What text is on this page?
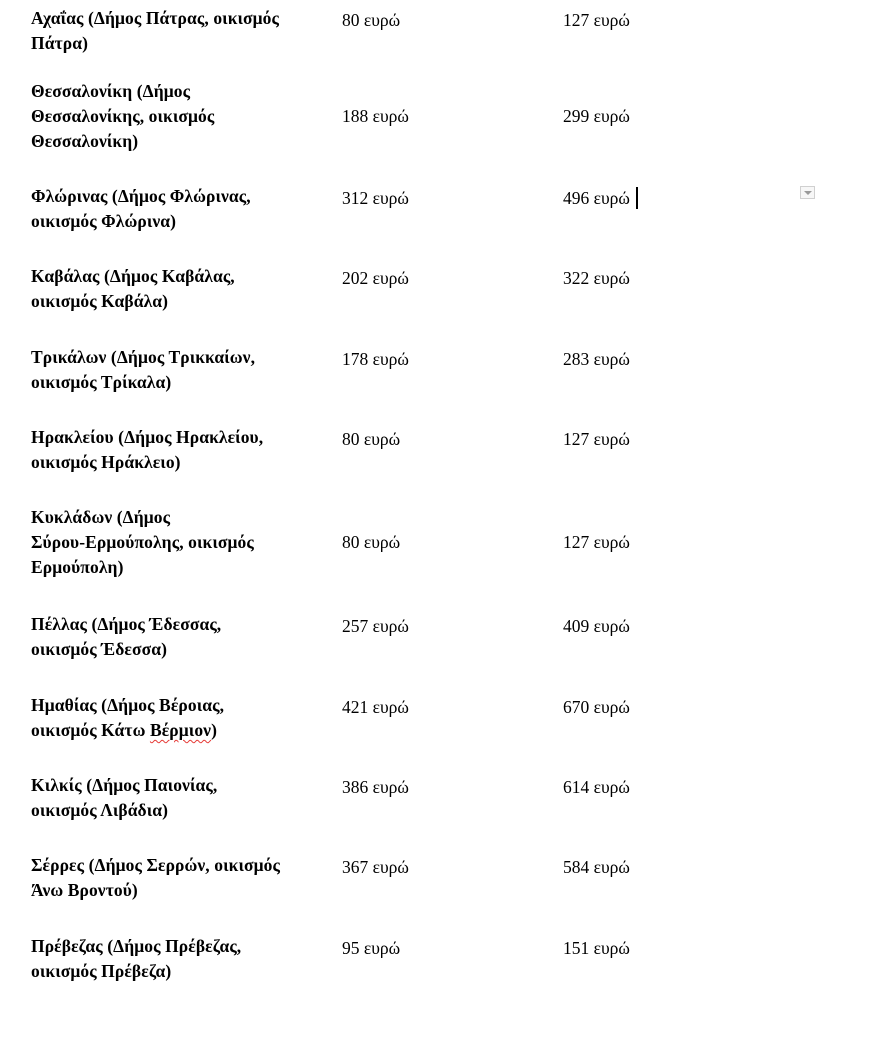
Αχαΐας (Δήμος Πάτρας, οικισμός
Πάτρα)
80 ευρώ	127 ευρώ
Θεσσαλονίκη (Δήμος
Θεσσαλονίκης, οικισμός
Θεσσαλονίκη)
188 ευρώ	299 ευρώ
Φλώρινας (Δήμος Φλώρινας,
οικισμός Φλώρινα)
312 ευρώ	496 ευρώ
Καβάλας (Δήμος Καβάλας,
οικισμός Καβάλα)
202 ευρώ	322 ευρώ
Τρικάλων (Δήμος Τρικκαίων,
οικισμός Τρίκαλα)
178 ευρώ	283 ευρώ
Ηρακλείου (Δήμος Ηρακλείου,
οικισμός Ηράκλειο)
80 ευρώ	127 ευρώ
Κυκλάδων (Δήμος
Σύρου-Ερμούπολης, οικισμός
Ερμούπολη)
80 ευρώ	127 ευρώ
Πέλλας (Δήμος Έδεσσας,
οικισμός Έδεσσα)
257 ευρώ	409 ευρώ
Ημαθίας (Δήμος Βέροιας,
οικισμός Κάτω Βέρμιον)
421 ευρώ	670 ευρώ
Κιλκίς (Δήμος Παιονίας,
οικισμός Λιβάδια)
386 ευρώ	614 ευρώ
Σέρρες (Δήμος Σερρών, οικισμός
Άνω Βροντού)
367 ευρώ	584 ευρώ
Πρέβεζας (Δήμος Πρέβεζας,
οικισμός Πρέβεζα)
95 ευρώ	151 ευρώ
